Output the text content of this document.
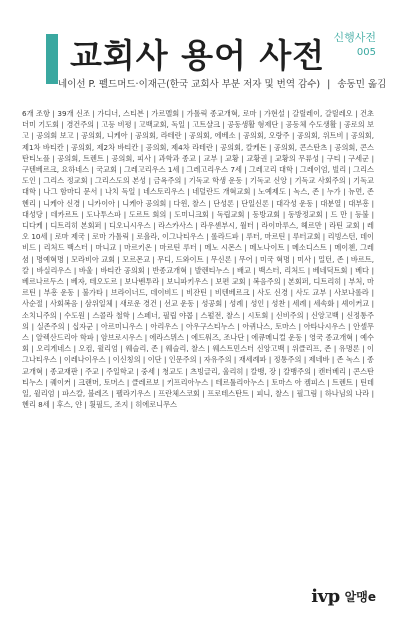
교회사 용어 사전 신행사전
005
네이선 P. 펠드머드·이재근(한국 교회사 부분 저자 및 번역 감수) | 송동민 옮김
6개 조항 | 39개 신조 | 가디너, 스티븐 | 가르멜회 | 가톨릭 종교개혁, 로마 | 가현설 | 갈릴레이, 갈릴레오 | 건초더미 기도회 | 경건주의 | 고등 비평 | 고백교회, 독일 | 고트샬크 | 공동생활 형제단 | 공동체 수도생활 | 공로의 보고 | 공의회 보고 | 공의회, 니케아 | 공의회, 라테란 | 공의회, 에베소 | 공의회, 오랑주 | 공의회, 위트비 | 공의회, 제1차 바티칸 | 공의회, 제2차 바티칸 | 공의회, 제4차 라테란 | 공의회, 칼케돈 | 공의회, 콘스탄츠 | 공의회, 콘스탄티노플 | 공의회, 트렌트 | 공의회, 피사 | 과학과 종교 | 교부 | 교황 | 교황권 | 교황의 무류성 | 구티 | 구세군 | 구텐베르크, 요하네스 | 국교회 | 그레고리우스 1세 | 그레고리우스 7세 | 그레고리 대학 | 그레이엄, 빌리 | 그리스도인 | 그리스 정교회 | 그리스도의 본성 | 금욕주의 | 기독교 학생 운동 | 기독교 신앙 | 기독교 사회주의 | 기독교 대학 | 나그 함마디 문서 | 나치 독일 | 네스토리우스 | 네덜란드 개혁교회 | 노예제도 | 녹스, 존 | 누가 | 뉴먼, 존 헨리 | 니케아 신경 | 니카이아 | 니케아 공의회 | 다윈, 찰스 | 단성론 | 단일신론 | 대각성 운동 | 대분열 | 대부흥 | 대성당 | 데카르트 | 도나투스파 | 도르트 회의 | 도미니크회 | 독립교회 | 동방교회 | 동방정교회 | 드 만 | 등불 | 디다케 | 디트리히 본회퍼 | 디오니시우스 | 라스카사스 | 라우셴부시, 월터 | 라이마루스, 헤르만 | 라틴 교회 | 레오 10세 | 로마 제국 | 로마 가톨릭 | 로욜라, 이그나티우스 | 롤라드파 | 루터, 마르틴 | 루터교회 | 리빙스턴, 데이비드 | 리처드 백스터 | 마니교 | 마르키온 | 마르틴 루터 | 메노 시몬스 | 메노나이트 | 메소디스트 | 메이첸, 그레셤 | 명예혁명 | 모라비아 교회 | 모르몬교 | 무디, 드와이트 | 무신론 | 무어 | 미국 혁명 | 미사 | 밀턴, 존 | 바르트, 칼 | 바실리우스 | 바울 | 바티칸 공의회 | 반종교개혁 | 발렌티누스 | 배교 | 백스터, 리처드 | 베네딕트회 | 베다 | 베르나르두스 | 베자, 테오도르 | 보나벤투라 | 보니파키우스 | 보편 교회 | 복음주의 | 본회퍼, 디트리히 | 부처, 마르틴 | 부흥 운동 | 불가타 | 브라이너드, 데이비드 | 비잔틴 | 비텐베르크 | 사도 신경 | 사도 교부 | 사보나롤라 | 사순절 | 사회복음 | 삼위일체 | 새로운 경건 | 선교 운동 | 성공회 | 성례 | 성인 | 성찬 | 세례 | 세속화 | 셰이커교 | 소치니주의 | 수도원 | 스콜라 철학 | 스페너, 필립 야콥 | 스펄전, 찰스 | 시토회 | 신비주의 | 신앙고백 | 신정통주의 | 실존주의 | 십자군 | 아르미니우스 | 아리우스 | 아우구스티누스 | 아퀴나스, 토마스 | 아타나시우스 | 안셀무스 | 알렉산드리아 학파 | 암브로시우스 | 에라스뮈스 | 에드워즈, 조나단 | 에큐메니컬 운동 | 영국 종교개혁 | 예수회 | 오리게네스 | 오컴, 윌리엄 | 웨슬리, 존 | 웨슬리, 찰스 | 웨스트민스터 신앙고백 | 위클리프, 존 | 유명론 | 이그나티우스 | 이레나이우스 | 이신칭의 | 이단 | 인문주의 | 자유주의 | 재세례파 | 정통주의 | 제네바 | 존 녹스 | 종교개혁 | 종교재판 | 주교 | 주일학교 | 중세 | 청교도 | 츠빙글리, 울리히 | 칼뱅, 장 | 칼뱅주의 | 캔터베리 | 콘스탄티누스 | 퀘이커 | 크랜머, 토머스 | 클레르보 | 키프리아누스 | 테르툴리아누스 | 토마스 아 켐피스 | 트렌트 | 틴데일, 윌리엄 | 파스칼, 블레즈 | 펠라기우스 | 프란체스코회 | 프로테스탄트 | 피니, 찰스 | 필그림 | 하나님의 나라 | 헨리 8세 | 후스, 얀 | 휫필드, 조지 | 히에로니무스
ivp 알맹e
